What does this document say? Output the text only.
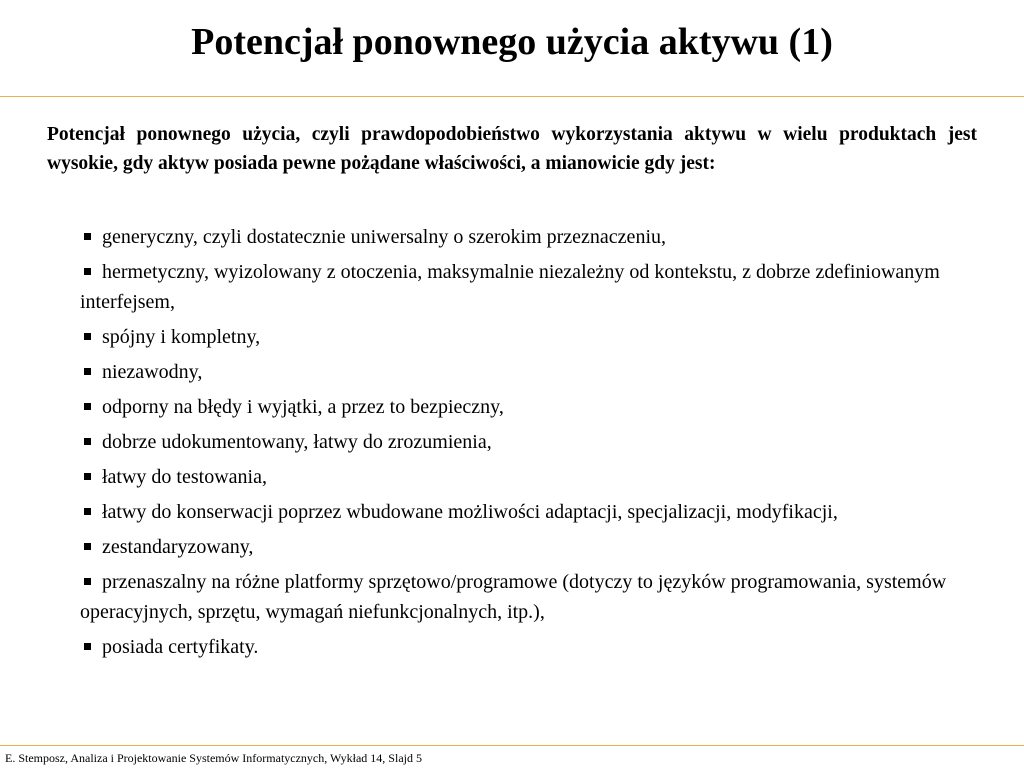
Potencjał ponownego użycia aktywu (1)
Potencjał ponownego użycia, czyli prawdopodobieństwo wykorzystania aktywu w wielu produktach jest wysokie, gdy aktyw posiada pewne pożądane właściwości, a mianowicie gdy jest:
generyczny, czyli dostatecznie uniwersalny o szerokim przeznaczeniu,
hermetyczny, wyizolowany z otoczenia, maksymalnie niezależny od kontekstu, z dobrze zdefiniowanym interfejsem,
spójny i kompletny,
niezawodny,
odporny na błędy i wyjątki, a przez to bezpieczny,
dobrze udokumentowany, łatwy do zrozumienia,
łatwy do testowania,
łatwy do konserwacji poprzez wbudowane możliwości adaptacji, specjalizacji, modyfikacji,
zestandaryzowany,
przenaszalny na różne platformy sprzętowo/programowe (dotyczy to języków programowania, systemów operacyjnych, sprzętu, wymagań niefunkcjonalnych, itp.),
posiada certyfikaty.
E. Stemposz, Analiza i Projektowanie Systemów Informatycznych, Wykład 14, Slajd 5
